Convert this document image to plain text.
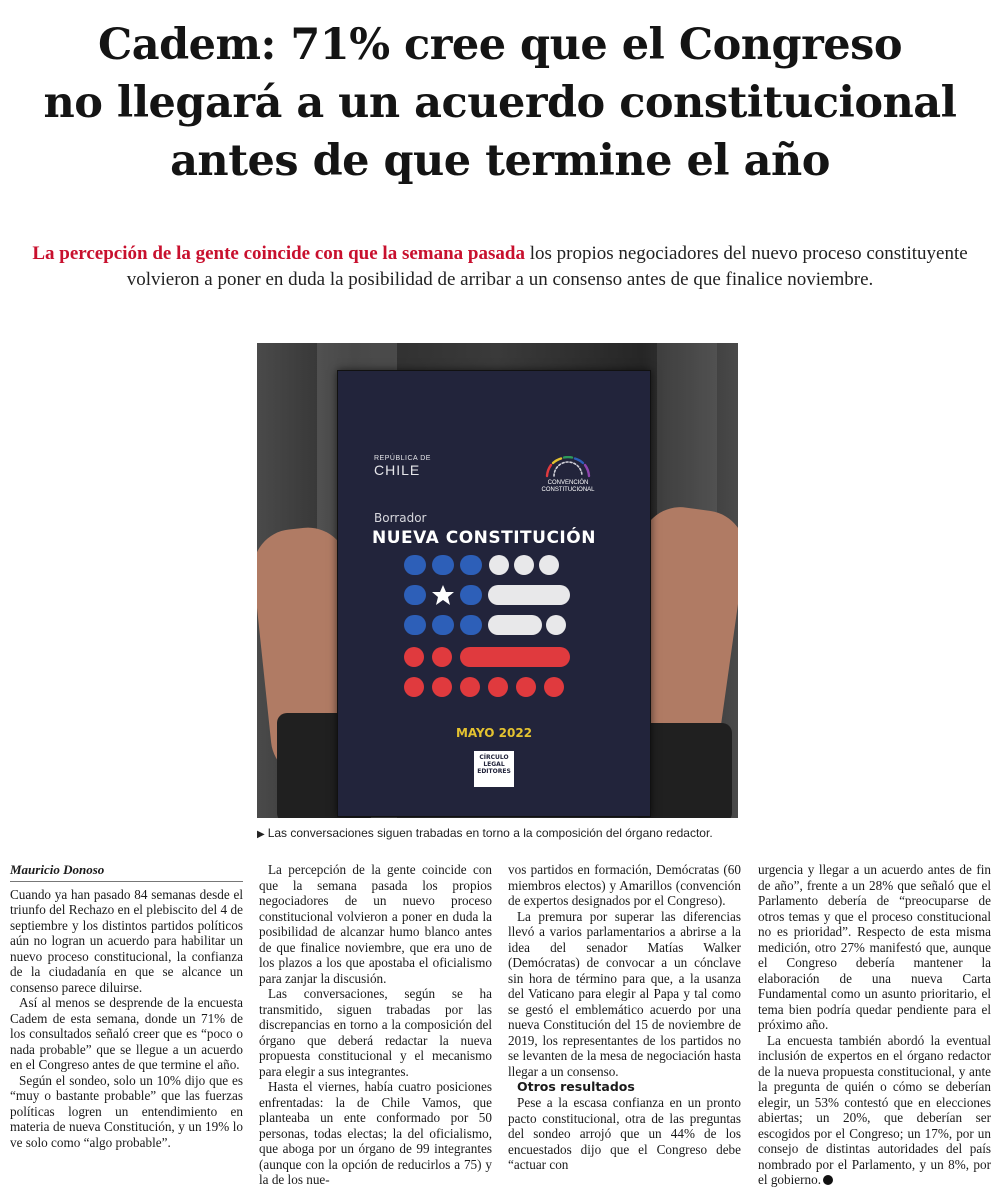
Cadem: 71% cree que el Congreso
no llegará a un acuerdo constitucional
antes de que termine el año

La percepción de la gente coincide con que la semana pasada los propios negociadores del nuevo proceso constituyente volvieron a poner en duda la posibilidad de arribar a un consenso antes de que finalice noviembre.

REPÚBLICA DE
CHILE
CONVENCIÓN CONSTITUCIONAL
Borrador
NUEVA CONSTITUCIÓN
MAYO 2022
CÍRCULO LEGAL EDITORES

▶ Las conversaciones siguen trabadas en torno a la composición del órgano redactor.

Mauricio Donoso

Cuando ya han pasado 84 semanas desde el triunfo del Rechazo en el plebiscito del 4 de septiembre y los distintos partidos políticos aún no logran un acuerdo para habilitar un nuevo proceso constitucional, la confianza de la ciudadanía en que se alcance un consenso parece diluirse.

Así al menos se desprende de la encuesta Cadem de esta semana, donde un 71% de los consultados señaló creer que es “poco o nada probable” que se llegue a un acuerdo en el Congreso antes de que termine el año.

Según el sondeo, solo un 10% dijo que es “muy o bastante probable” que las fuerzas políticas logren un entendimiento en materia de nueva Constitución, y un 19% lo ve solo como “algo probable”.

La percepción de la gente coincide con que la semana pasada los propios negociadores de un nuevo proceso constitucional volvieron a poner en duda la posibilidad de alcanzar humo blanco antes de que finalice noviembre, que era uno de los plazos a los que apostaba el oficialismo para zanjar la discusión.

Las conversaciones, según se ha transmitido, siguen trabadas por las discrepancias en torno a la composición del órgano que deberá redactar la nueva propuesta constitucional y el mecanismo para elegir a sus integrantes.

Hasta el viernes, había cuatro posiciones enfrentadas: la de Chile Vamos, que planteaba un ente conformado por 50 personas, todas electas; la del oficialismo, que aboga por un órgano de 99 integrantes (aunque con la opción de reducirlos a 75) y la de los nue-

vos partidos en formación, Demócratas (60 miembros electos) y Amarillos (convención de expertos designados por el Congreso).

La premura por superar las diferencias llevó a varios parlamentarios a abrirse a la idea del senador Matías Walker (Demócratas) de convocar a un cónclave sin hora de término para que, a la usanza del Vaticano para elegir al Papa y tal como se gestó el emblemático acuerdo por una nueva Constitución del 15 de noviembre de 2019, los representantes de los partidos no se levanten de la mesa de negociación hasta llegar a un consenso.

Otros resultados

Pese a la escasa confianza en un pronto pacto constitucional, otra de las preguntas del sondeo arrojó que un 44% de los encuestados dijo que el Congreso debe “actuar con

urgencia y llegar a un acuerdo antes de fin de año”, frente a un 28% que señaló que el Parlamento debería de “preocuparse de otros temas y que el proceso constitucional no es prioridad”. Respecto de esta misma medición, otro 27% manifestó que, aunque el Congreso debería mantener la elaboración de una nueva Carta Fundamental como un asunto prioritario, el tema bien podría quedar pendiente para el próximo año.

La encuesta también abordó la eventual inclusión de expertos en el órgano redactor de la nueva propuesta constitucional, y ante la pregunta de quién o cómo se deberían elegir, un 53% contestó que en elecciones abiertas; un 20%, que deberían ser escogidos por el Congreso; un 17%, por un consejo de distintas autoridades del país nombrado por el Parlamento, y un 8%, por el gobierno.
